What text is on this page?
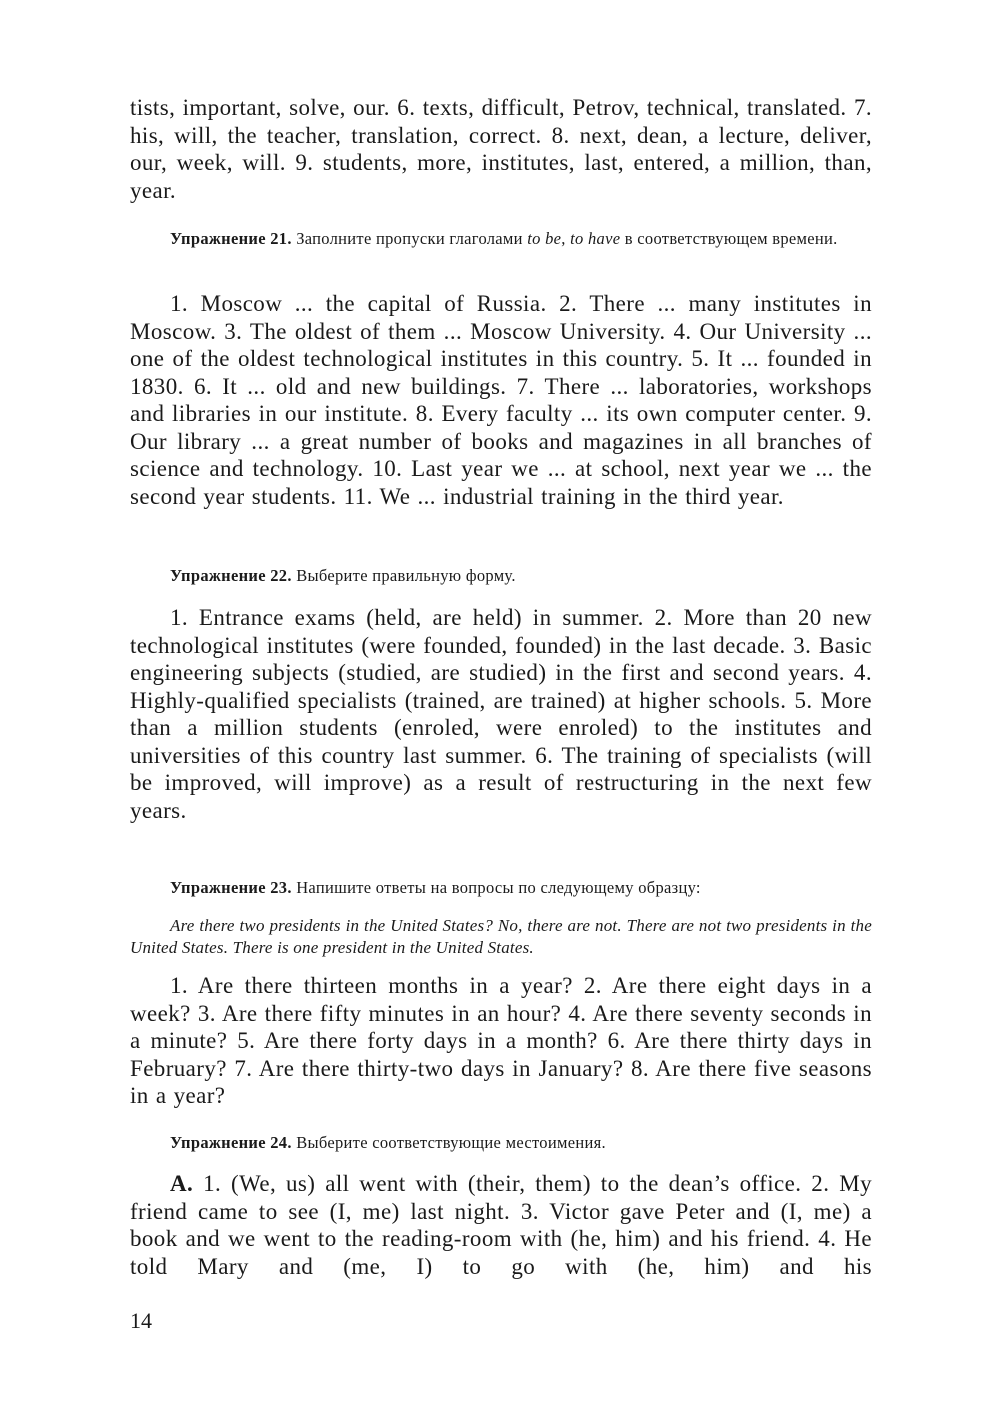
tists, important, solve, our. 6. texts, difficult, Petrov, technical, translated. 7. his, will, the teacher, translation, correct. 8. next, dean, a lecture, deliver, our, week, will. 9. students, more, institutes, last, entered, a million, than, year.

Упражнение 21. Заполните пропуски глаголами to be, to have в соответствующем времени.

1. Moscow ... the capital of Russia. 2. There ... many institutes in Moscow. 3. The oldest of them ... Moscow University. 4. Our University ... one of the oldest technological institutes in this country. 5. It ... founded in 1830. 6. It ... old and new buildings. 7. There ... laboratories, workshops and libraries in our institute. 8. Every faculty ... its own computer center. 9. Our library ... a great number of books and magazines in all branches of science and technology. 10. Last year we ... at school, next year we ... the second year students. 11. We ... industrial training in the third year.

Упражнение 22. Выберите правильную форму.

1. Entrance exams (held, are held) in summer. 2. More than 20 new technological institutes (were founded, founded) in the last decade. 3. Basic engineering subjects (studied, are studied) in the first and second years. 4. Highly-qualified specialists (trained, are trained) at higher schools. 5. More than a million students (enroled, were enroled) to the institutes and universities of this country last summer. 6. The training of specialists (will be improved, will improve) as a result of restructuring in the next few years.

Упражнение 23. Напишите ответы на вопросы по следующему образцу:

Are there two presidents in the United States? No, there are not. There are not two presidents in the United States. There is one president in the United States.

1. Are there thirteen months in a year? 2. Are there eight days in a week? 3. Are there fifty minutes in an hour? 4. Are there seventy seconds in a minute? 5. Are there forty days in a month? 6. Are there thirty days in February? 7. Are there thirty-two days in January? 8. Are there five seasons in a year?

Упражнение 24. Выберите соответствующие местоимения.

A. 1. (We, us) all went with (their, them) to the dean’s office. 2. My friend came to see (I, me) last night. 3. Victor gave Peter and (I, me) a book and we went to the reading-room with (he, him) and his friend. 4. He told Mary and (me, I) to go with (he, him) and his

14
